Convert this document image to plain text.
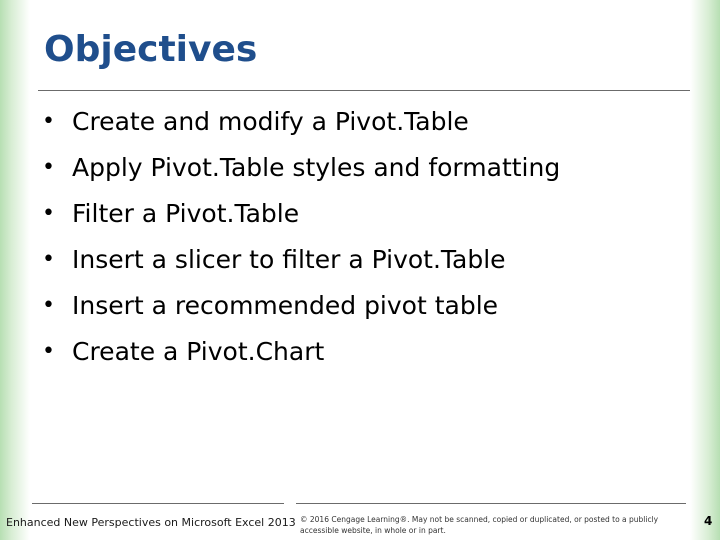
Objectives
• Create and modify a Pivot.Table
• Apply Pivot.Table styles and formatting
• Filter a Pivot.Table
• Insert a slicer to filter a Pivot.Table
• Insert a recommended pivot table
• Create a Pivot.Chart
Enhanced New Perspectives on Microsoft Excel 2013 © 2016 Cengage Learning®. May not be scanned, copied or duplicated, or posted to a publicly accessible website, in whole or in part.
4
